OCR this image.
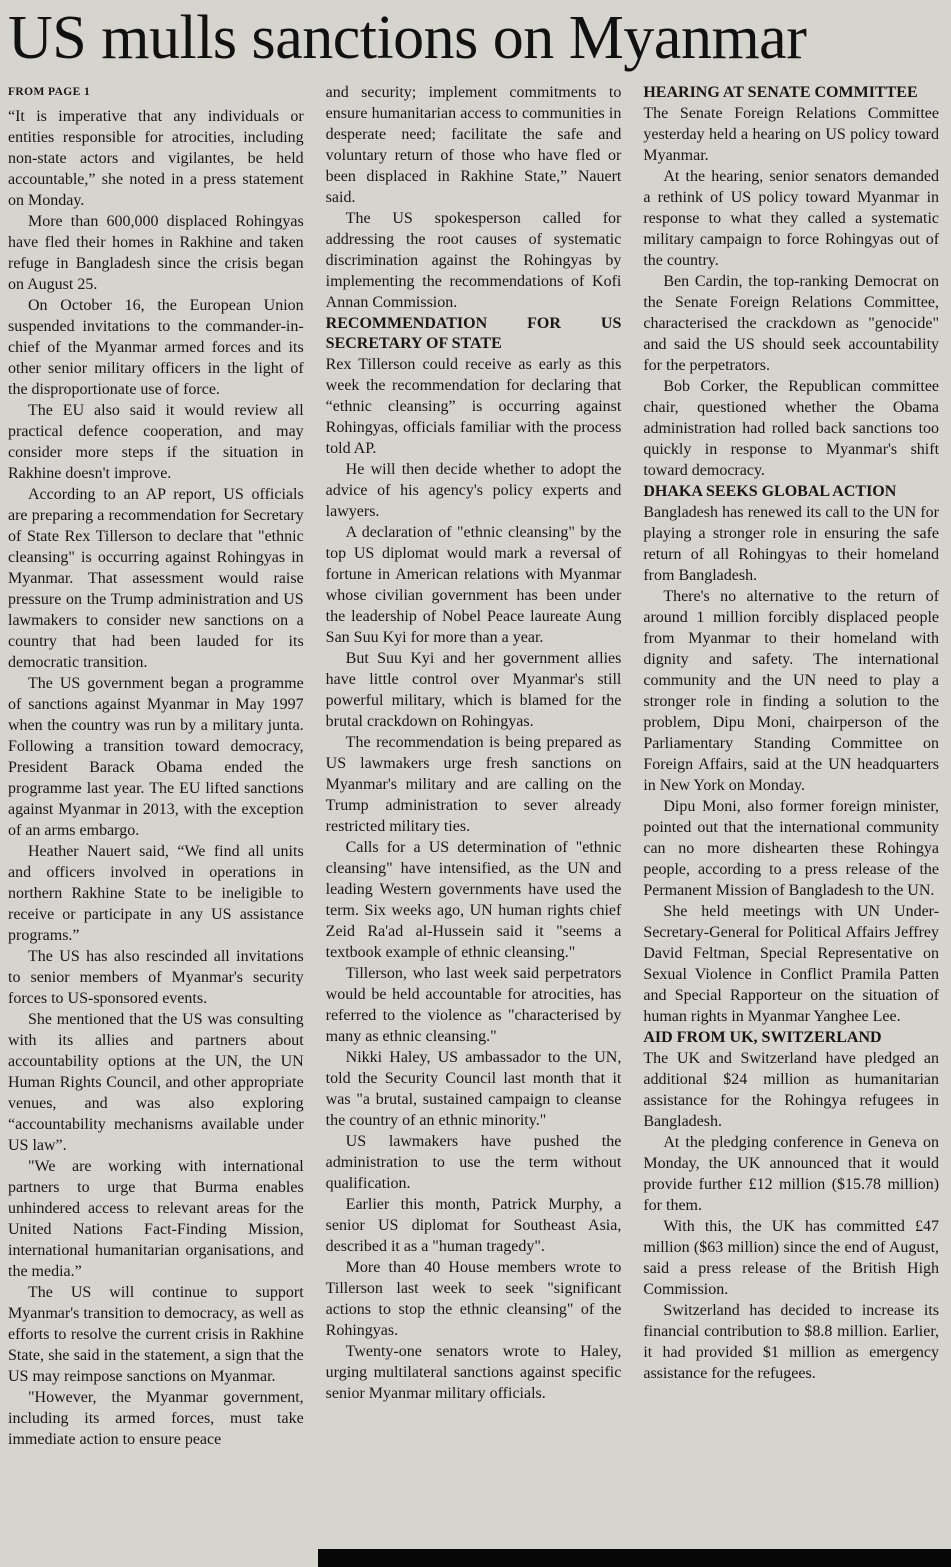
US mulls sanctions on Myanmar
FROM PAGE 1

“It is imperative that any individuals or entities responsible for atrocities, including non-state actors and vigilantes, be held accountable,” she noted in a press statement on Monday.

More than 600,000 displaced Rohingyas have fled their homes in Rakhine and taken refuge in Bangladesh since the crisis began on August 25.

On October 16, the European Union suspended invitations to the commander-in-chief of the Myanmar armed forces and its other senior military officers in the light of the disproportionate use of force.

The EU also said it would review all practical defence cooperation, and may consider more steps if the situation in Rakhine doesn't improve.

According to an AP report, US officials are preparing a recommendation for Secretary of State Rex Tillerson to declare that "ethnic cleansing" is occurring against Rohingyas in Myanmar. That assessment would raise pressure on the Trump administration and US lawmakers to consider new sanctions on a country that had been lauded for its democratic transition.

The US government began a programme of sanctions against Myanmar in May 1997 when the country was run by a military junta. Following a transition toward democracy, President Barack Obama ended the programme last year. The EU lifted sanctions against Myanmar in 2013, with the exception of an arms embargo.

Heather Nauert said, “We find all units and officers involved in operations in northern Rakhine State to be ineligible to receive or participate in any US assistance programs.”

The US has also rescinded all invitations to senior members of Myanmar's security forces to US-sponsored events.

She mentioned that the US was consulting with its allies and partners about accountability options at the UN, the UN Human Rights Council, and other appropriate venues, and was also exploring “accountability mechanisms available under US law”.

"We are working with international partners to urge that Burma enables unhindered access to relevant areas for the United Nations Fact-Finding Mission, international humanitarian organisations, and the media.”

The US will continue to support Myanmar's transition to democracy, as well as efforts to resolve the current crisis in Rakhine State, she said in the statement, a sign that the US may reimpose sanctions on Myanmar.

"However, the Myanmar government, including its armed forces, must take immediate action to ensure peace

and security; implement commitments to ensure humanitarian access to communities in desperate need; facilitate the safe and voluntary return of those who have fled or been displaced in Rakhine State,” Nauert said.

The US spokesperson called for addressing the root causes of systematic discrimination against the Rohingyas by implementing the recommendations of Kofi Annan Commission.

RECOMMENDATION FOR US SECRETARY OF STATE

Rex Tillerson could receive as early as this week the recommendation for declaring that “ethnic cleansing” is occurring against Rohingyas, officials familiar with the process told AP.

He will then decide whether to adopt the advice of his agency's policy experts and lawyers.

A declaration of "ethnic cleansing" by the top US diplomat would mark a reversal of fortune in American relations with Myanmar whose civilian government has been under the leadership of Nobel Peace laureate Aung San Suu Kyi for more than a year.

But Suu Kyi and her government allies have little control over Myanmar's still powerful military, which is blamed for the brutal crackdown on Rohingyas.

The recommendation is being prepared as US lawmakers urge fresh sanctions on Myanmar's military and are calling on the Trump administration to sever already restricted military ties.

Calls for a US determination of "ethnic cleansing" have intensified, as the UN and leading Western governments have used the term. Six weeks ago, UN human rights chief Zeid Ra'ad al-Hussein said it "seems a textbook example of ethnic cleansing."

Tillerson, who last week said perpetrators would be held accountable for atrocities, has referred to the violence as "characterised by many as ethnic cleansing."

Nikki Haley, US ambassador to the UN, told the Security Council last month that it was "a brutal, sustained campaign to cleanse the country of an ethnic minority."

US lawmakers have pushed the administration to use the term without qualification.

Earlier this month, Patrick Murphy, a senior US diplomat for Southeast Asia, described it as a "human tragedy".

More than 40 House members wrote to Tillerson last week to seek "significant actions to stop the ethnic cleansing" of the Rohingyas.

Twenty-one senators wrote to Haley, urging multilateral sanctions against specific senior Myanmar military officials.

HEARING AT SENATE COMMITTEE

The Senate Foreign Relations Committee yesterday held a hearing on US policy toward Myanmar.

At the hearing, senior senators demanded a rethink of US policy toward Myanmar in response to what they called a systematic military campaign to force Rohingyas out of the country.

Ben Cardin, the top-ranking Democrat on the Senate Foreign Relations Committee, characterised the crackdown as "genocide" and said the US should seek accountability for the perpetrators.

Bob Corker, the Republican committee chair, questioned whether the Obama administration had rolled back sanctions too quickly in response to Myanmar's shift toward democracy.

DHAKA SEEKS GLOBAL ACTION

Bangladesh has renewed its call to the UN for playing a stronger role in ensuring the safe return of all Rohingyas to their homeland from Bangladesh.

There's no alternative to the return of around 1 million forcibly displaced people from Myanmar to their homeland with dignity and safety. The international community and the UN need to play a stronger role in finding a solution to the problem, Dipu Moni, chairperson of the Parliamentary Standing Committee on Foreign Affairs, said at the UN headquarters in New York on Monday.

Dipu Moni, also former foreign minister, pointed out that the international community can no more dishearten these Rohingya people, according to a press release of the Permanent Mission of Bangladesh to the UN.

She held meetings with UN Under-Secretary-General for Political Affairs Jeffrey David Feltman, Special Representative on Sexual Violence in Conflict Pramila Patten and Special Rapporteur on the situation of human rights in Myanmar Yanghee Lee.

AID FROM UK, SWITZERLAND

The UK and Switzerland have pledged an additional $24 million as humanitarian assistance for the Rohingya refugees in Bangladesh.

At the pledging conference in Geneva on Monday, the UK announced that it would provide further £12 million ($15.78 million) for them.

With this, the UK has committed £47 million ($63 million) since the end of August, said a press release of the British High Commission.

Switzerland has decided to increase its financial contribution to $8.8 million. Earlier, it had provided $1 million as emergency assistance for the refugees.
